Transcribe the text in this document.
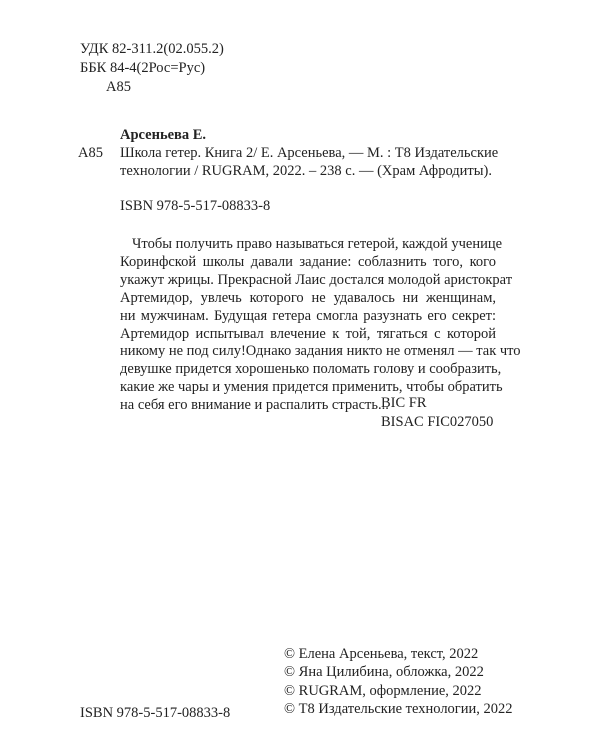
УДК 82-311.2(02.055.2)
ББК 84-4(2Рос=Рус)
А85
Арсеньева Е.
А85 Школа гетер. Книга 2/ Е. Арсеньева, — М. : Т8 Издательские
технологии / RUGRAM, 2022. – 238 с. — (Храм Афродиты).
ISBN 978-5-517-08833-8
Чтобы получить право называться гетерой, каждой ученице
Коринфской школы давали задание: соблазнить того, кого
укажут жрицы. Прекрасной Лаис достался молодой аристократ
Артемидор, увлечь которого не удавалось ни женщинам,
ни мужчинам. Будущая гетера смогла разузнать его секрет:
Артемидор испытывал влечение к той, тягаться с которой
никому не под силу!Однако задания никто не отменял — так что
девушке придется хорошенько поломать голову и сообразить,
какие же чары и умения придется применить, чтобы обратить
на себя его внимание и распалить страсть...
BIC FR
BISAC FIC027050
ISBN 978-5-517-08833-8
© Елена Арсеньева, текст, 2022
© Яна Цилибина, обложка, 2022
© RUGRAM, оформление, 2022
© Т8 Издательские технологии, 2022
